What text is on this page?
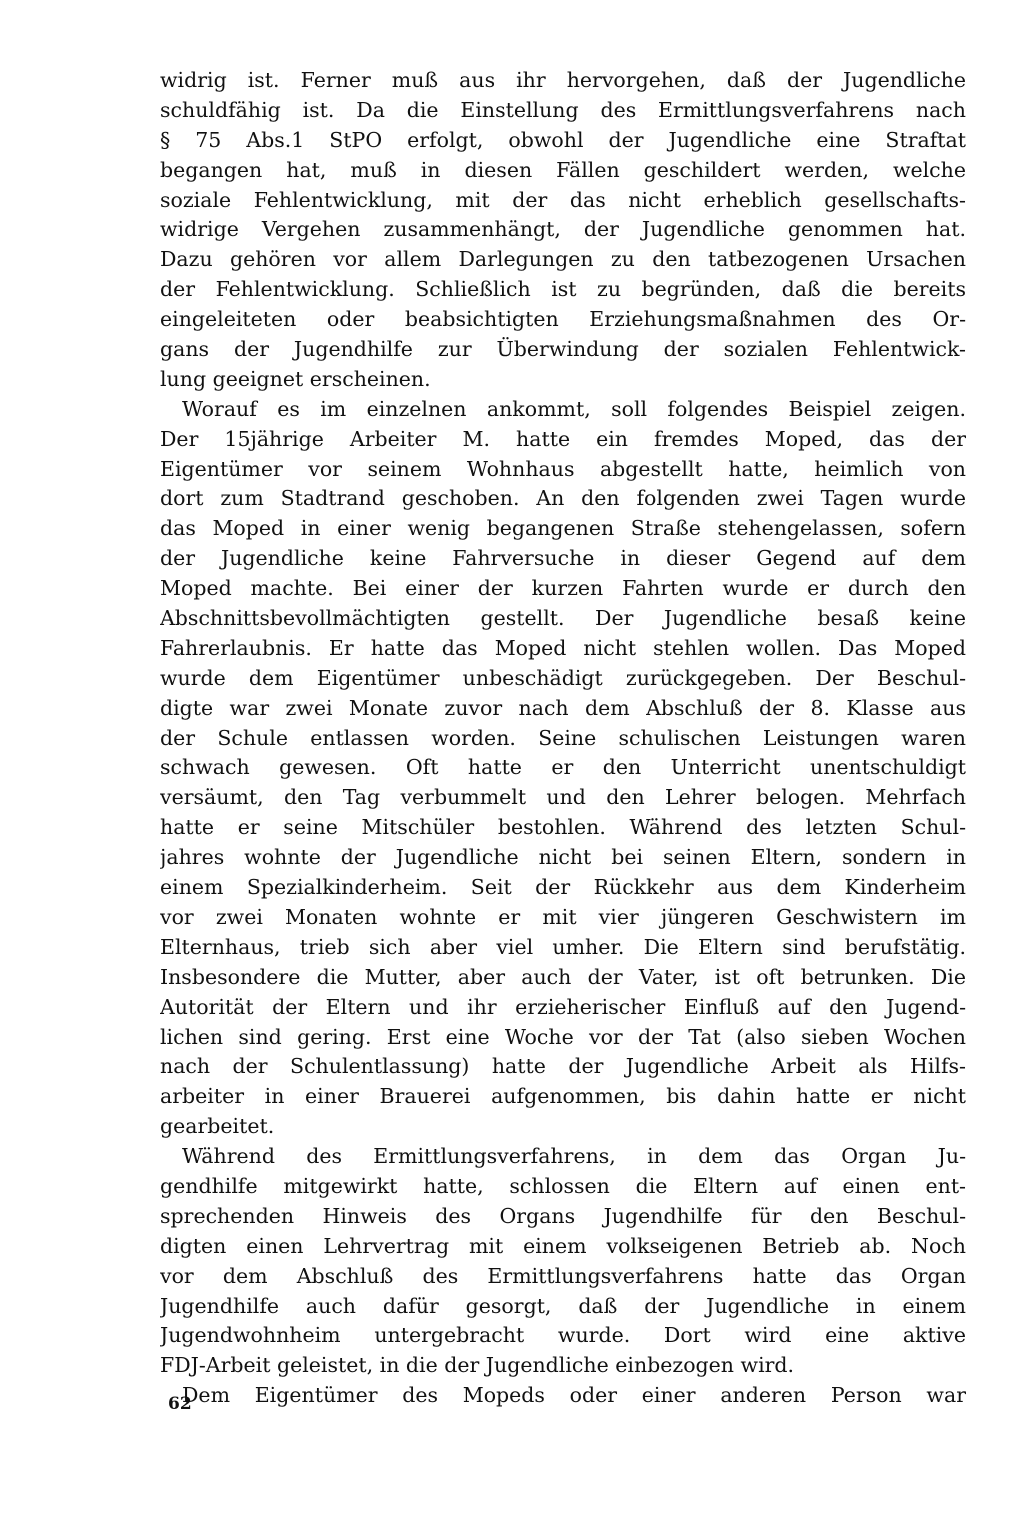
widrig ist. Ferner muß aus ihr hervorgehen, daß der Jugendliche
schuldfähig ist. Da die Einstellung des Ermittlungsverfahrens nach
§ 75 Abs.1 StPO erfolgt, obwohl der Jugendliche eine Straftat
begangen hat, muß in diesen Fällen geschildert werden, welche
soziale Fehlentwicklung, mit der das nicht erheblich gesellschafts-
widrige Vergehen zusammenhängt, der Jugendliche genommen hat.
Dazu gehören vor allem Darlegungen zu den tatbezogenen Ursachen
der Fehlentwicklung. Schließlich ist zu begründen, daß die bereits
eingeleiteten oder beabsichtigten Erziehungsmaßnahmen des Or-
gans der Jugendhilfe zur Überwindung der sozialen Fehlentwick-
lung geeignet erscheinen.
Worauf es im einzelnen ankommt, soll folgendes Beispiel zeigen.
Der 15jährige Arbeiter M. hatte ein fremdes Moped, das der
Eigentümer vor seinem Wohnhaus abgestellt hatte, heimlich von
dort zum Stadtrand geschoben. An den folgenden zwei Tagen wurde
das Moped in einer wenig begangenen Straße stehengelassen, sofern
der Jugendliche keine Fahrversuche in dieser Gegend auf dem
Moped machte. Bei einer der kurzen Fahrten wurde er durch den
Abschnittsbevollmächtigten gestellt. Der Jugendliche besaß keine
Fahrerlaubnis. Er hatte das Moped nicht stehlen wollen. Das Moped
wurde dem Eigentümer unbeschädigt zurückgegeben. Der Beschul-
digte war zwei Monate zuvor nach dem Abschluß der 8. Klasse aus
der Schule entlassen worden. Seine schulischen Leistungen waren
schwach gewesen. Oft hatte er den Unterricht unentschuldigt
versäumt, den Tag verbummelt und den Lehrer belogen. Mehrfach
hatte er seine Mitschüler bestohlen. Während des letzten Schul-
jahres wohnte der Jugendliche nicht bei seinen Eltern, sondern in
einem Spezialkinderheim. Seit der Rückkehr aus dem Kinderheim
vor zwei Monaten wohnte er mit vier jüngeren Geschwistern im
Elternhaus, trieb sich aber viel umher. Die Eltern sind berufstätig.
Insbesondere die Mutter, aber auch der Vater, ist oft betrunken. Die
Autorität der Eltern und ihr erzieherischer Einfluß auf den Jugend-
lichen sind gering. Erst eine Woche vor der Tat (also sieben Wochen
nach der Schulentlassung) hatte der Jugendliche Arbeit als Hilfs-
arbeiter in einer Brauerei aufgenommen, bis dahin hatte er nicht
gearbeitet.
Während des Ermittlungsverfahrens, in dem das Organ Ju-
gendhilfe mitgewirkt hatte, schlossen die Eltern auf einen ent-
sprechenden Hinweis des Organs Jugendhilfe für den Beschul-
digten einen Lehrvertrag mit einem volkseigenen Betrieb ab. Noch
vor dem Abschluß des Ermittlungsverfahrens hatte das Organ
Jugendhilfe auch dafür gesorgt, daß der Jugendliche in einem
Jugendwohnheim untergebracht wurde. Dort wird eine aktive
FDJ-Arbeit geleistet, in die der Jugendliche einbezogen wird.
Dem Eigentümer des Mopeds oder einer anderen Person war
62
